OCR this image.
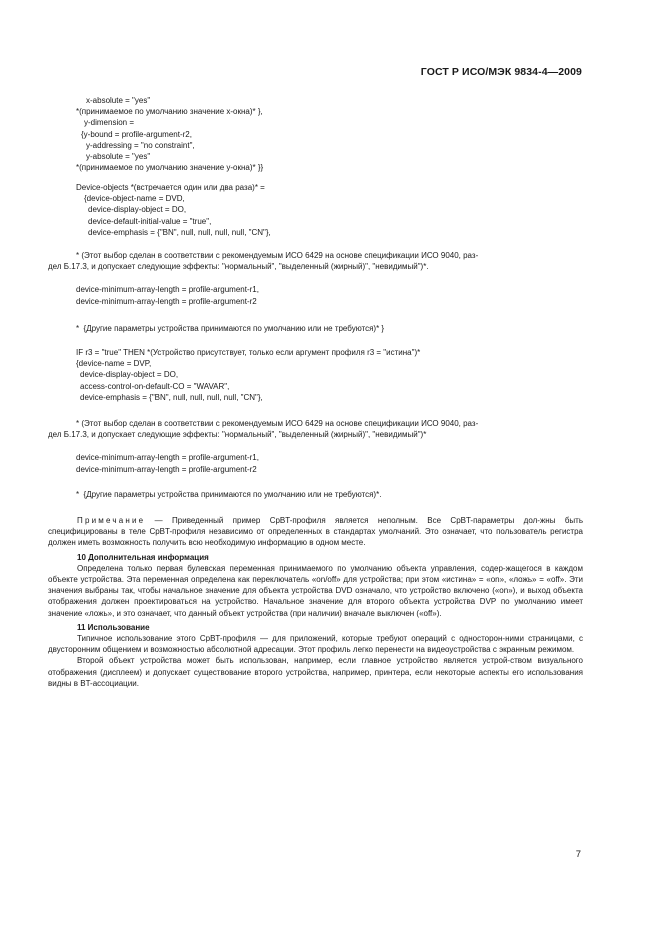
ГОСТ Р ИСО/МЭК 9834-4—2009

x-absolute = "yes"

*(принимаемое по умолчанию значение x-окна)* },

y-dimension =

{y-bound = profile-argument-r2,

y-addressing = "no constraint",

y-absolute = "yes"

*(принимаемое по умолчанию значение y-окна)* }}

Device-objects *(встречается один или два раза)* =

{device-object-name = DVD,

device-display-object = DO,

device-default-initial-value = "true",

device-emphasis = {"BN", null, null, null, null, "CN"},

* (Этот выбор сделан в соответствии с рекомендуемым ИСО 6429 на основе спецификации ИСО 9040, раз-

дел Б.17.3, и допускает следующие эффекты: "нормальный", "выделенный (жирный)", "невидимый")*.

device-minimum-array-length = profile-argument-r1,

device-minimum-array-length = profile-argument-r2

*  {Другие параметры устройства принимаются по умолчанию или не требуются)* }

IF r3 = "true" THEN *(Устройство присутствует, только если аргумент профиля r3 = "истина")*

{device-name = DVP,

device-display-object = DO,

access-control-on-default-CO = "WAVAR",

device-emphasis = {"BN", null, null, null, null, "CN"},

* (Этот выбор сделан в соответствии с рекомендуемым ИСО 6429 на основе спецификации ИСО 9040, раз-

дел Б.17.3, и допускает следующие эффекты: "нормальный", "выделенный (жирный)", "невидимый")*

device-minimum-array-length = profile-argument-r1,

device-minimum-array-length = profile-argument-r2

*  {Другие параметры устройства принимаются по умолчанию или не требуются)*.

Примечание — Приведенный пример CpBT-профиля является неполным. Все CpBT-параметры дол-жны быть специфицированы в теле CpBT-профиля независимо от определенных в стандартах умолчаний. Это означает, что пользователь регистра должен иметь возможность получить всю необходимую информацию в одном месте.

10 Дополнительная информация

Определена только первая булевская переменная принимаемого по умолчанию объекта управления, содер-жащегося в каждом объекте устройства. Эта переменная определена как переключатель «on/off» для устройства; при этом «истина» = «on», «ложь» = «off». Эти значения выбраны так, чтобы начальное значение для объекта устройства DVD означало, что устройство включено («on»), и выход объекта отображения должен проектироваться на устройство. Начальное значение для второго объекта устройства DVP по умолчанию имеет значение «ложь», и это означает, что данный объект устройства (при наличии) вначале выключен («off»).

11 Использование

Типичное использование этого CpBT-профиля — для приложений, которые требуют операций с односторон-ними страницами, с двусторонним общением и возможностью абсолютной адресации. Этот профиль легко перенести на видеоустройства с экранным режимом.

Второй объект устройства может быть использован, например, если главное устройство является устрой-ством визуального отображения (дисплеем) и допускает существование второго устройства, например, принтера, если некоторые аспекты его использования видны в BT-ассоциации.

7
